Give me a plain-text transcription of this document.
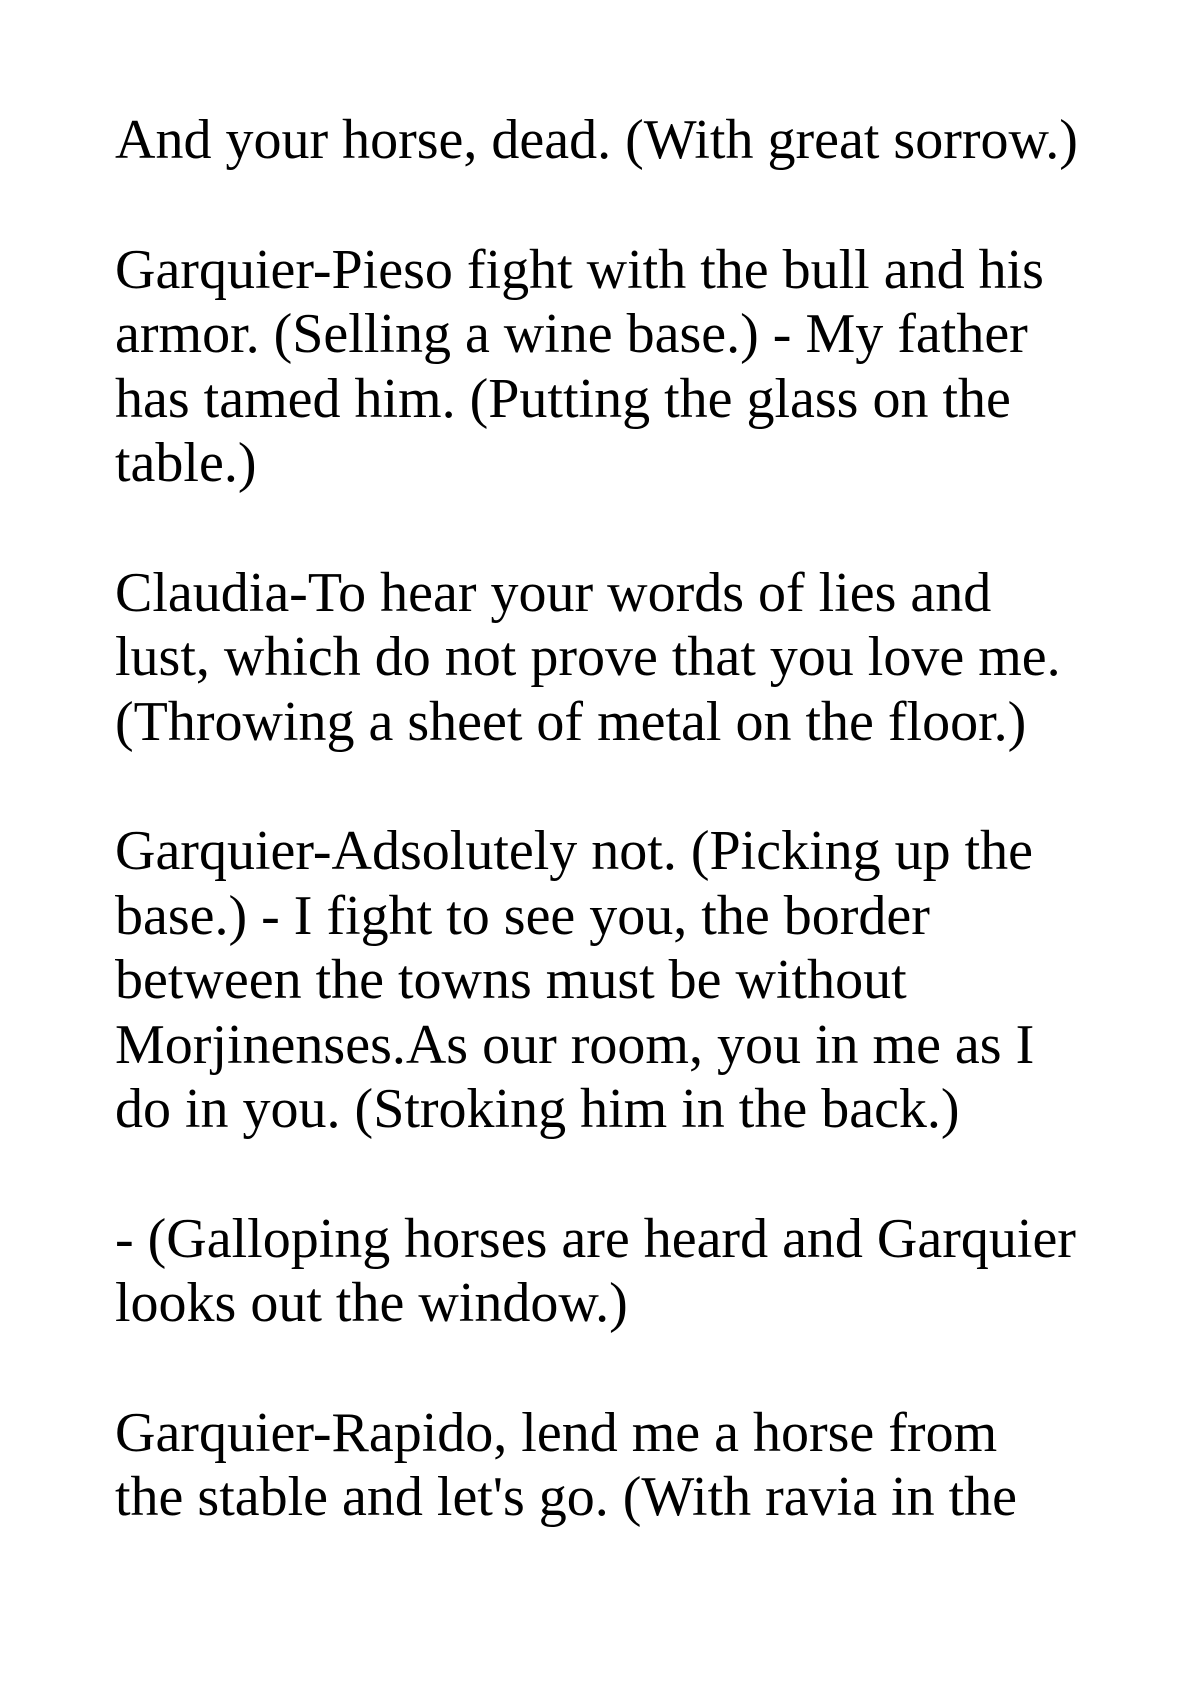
And your horse, dead. (With great sorrow.)

Garquier-Pieso fight with the bull and his
armor. (Selling a wine base.) - My father
has tamed him. (Putting the glass on the
table.)

Claudia-To hear your words of lies and
lust, which do not prove that you love me.
(Throwing a sheet of metal on the floor.)

Garquier-Adsolutely not. (Picking up the
base.) - I fight to see you, the border
between the towns must be without
Morjinenses.As our room, you in me as I
do in you. (Stroking him in the back.)

- (Galloping horses are heard and Garquier
looks out the window.)

Garquier-Rapido, lend me a horse from
the stable and let's go. (With ravia in the
